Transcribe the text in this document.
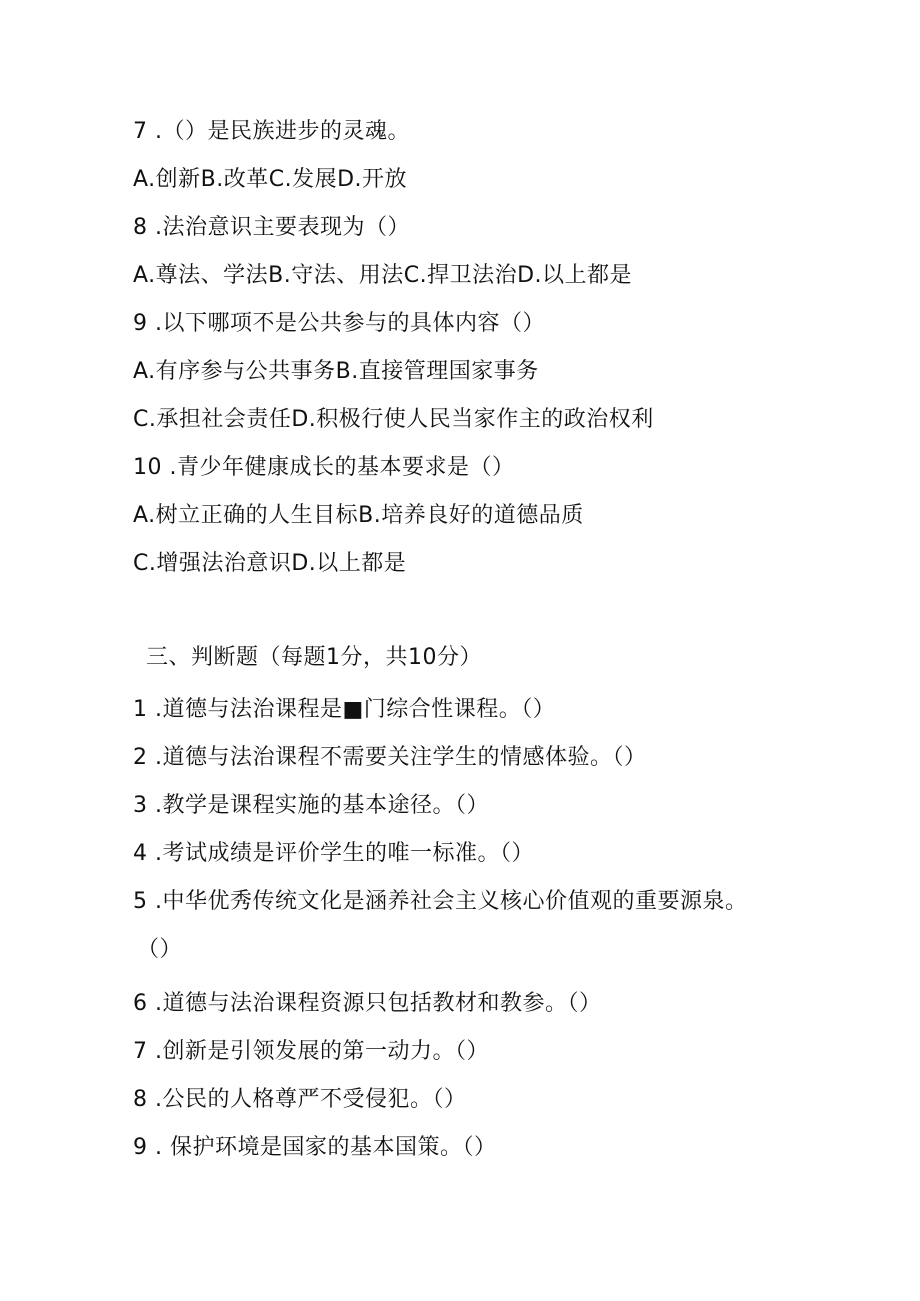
7 .（）是民族进步的灵魂。
A.创新B.改革C.发展D.开放
8 .法治意识主要表现为（）
A.尊法、学法B.守法、用法C.捍卫法治D.以上都是
9 .以下哪项不是公共参与的具体内容（）
A.有序参与公共事务B.直接管理国家事务
C.承担社会责任D.积极行使人民当家作主的政治权利
10 .青少年健康成长的基本要求是（）
A.树立正确的人生目标B.培养良好的道德品质
C.增强法治意识D.以上都是
三、判断题（每题1分，共10分）
1 .道德与法治课程是■门综合性课程。（）
2 .道德与法治课程不需要关注学生的情感体验。（）
3 .教学是课程实施的基本途径。（）
4 .考试成绩是评价学生的唯一标准。（）
5 .中华优秀传统文化是涵养社会主义核心价值观的重要源泉。
（）
6 .道德与法治课程资源只包括教材和教参。（）
7 .创新是引领发展的第一动力。（）
8 .公民的人格尊严不受侵犯。（）
9 . 保护环境是国家的基本国策。（）
